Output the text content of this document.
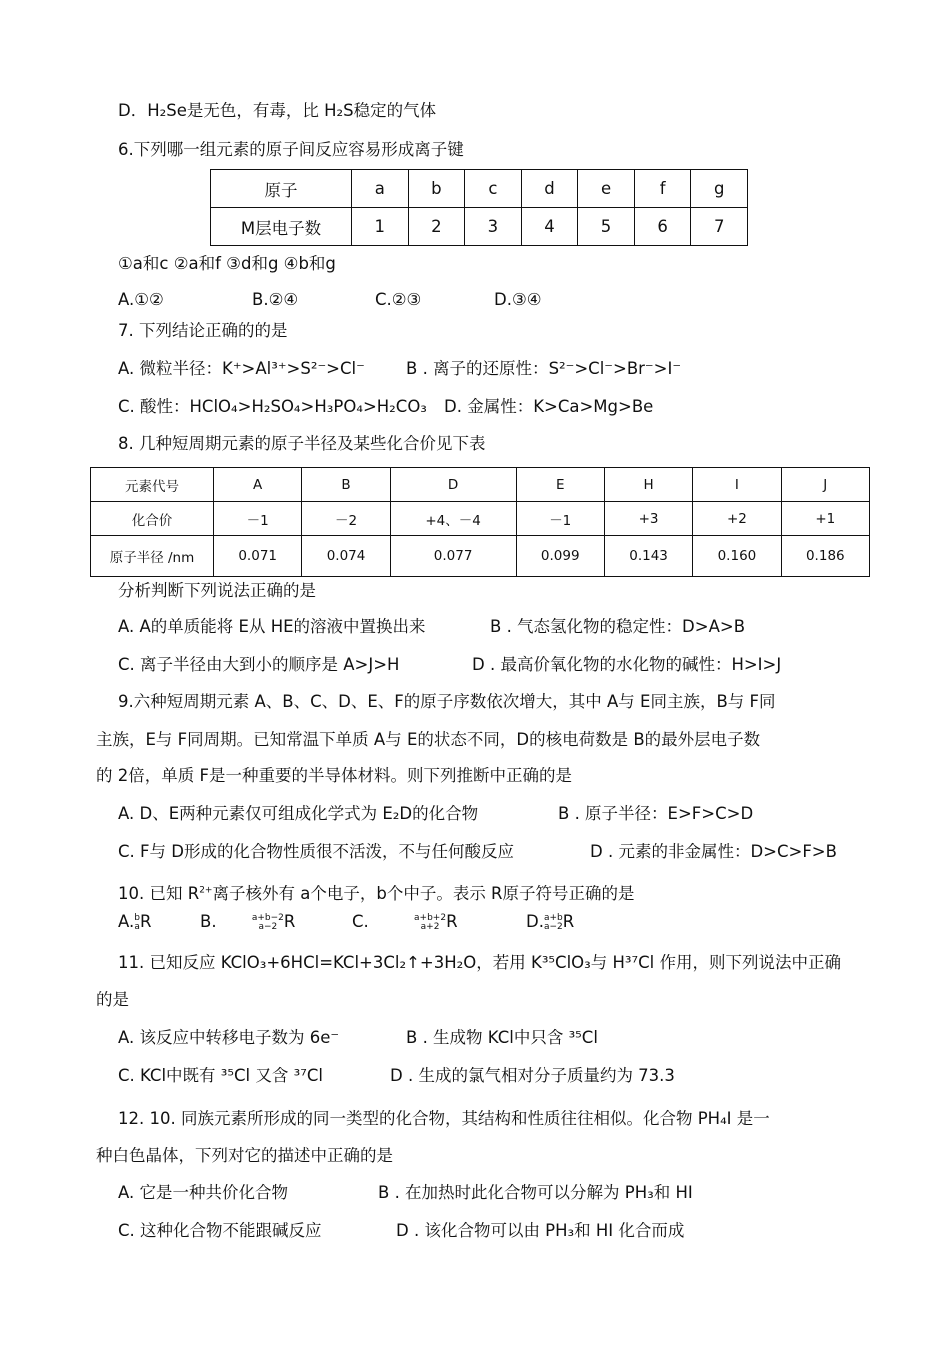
D．H₂Se是无色，有毒，比 H₂S稳定的气体
6.下列哪一组元素的原子间反应容易形成离子键
原子	a	b	c	d	e	f	g
M层电子数	1	2	3	4	5	6	7
①a和c ②a和f ③d和g ④b和g
A.①②	B.②④	C.②③	D.③④
7. 下列结论正确的的是
A. 微粒半径：K⁺>Al³⁺>S²⁻>Cl⁻ B . 离子的还原性：S²⁻>Cl⁻>Br⁻>I⁻
C. 酸性：HClO₄>H₂SO₄>H₃PO₄>H₂CO₃ D. 金属性：K>Ca>Mg>Be
8. 几种短周期元素的原子半径及某些化合价见下表
元素代号	A	B	D	E	H	I	J
化合价	－1	－2	+4、－4	－1	+3	+2	+1
原子半径 /nm	0.071	0.074	0.077	0.099	0.143	0.160	0.186
分析判断下列说法正确的是
A. A的单质能将 E从 HE的溶液中置换出来	B . 气态氢化物的稳定性：D>A>B
C. 离子半径由大到小的顺序是 A>J>H	D . 最高价氧化物的水化物的碱性：H>I>J
9.六种短周期元素 A、B、C、D、E、F的原子序数依次增大，其中 A与 E同主族，B与 F同
主族，E与 F同周期。已知常温下单质 A与 E的状态不同，D的核电荷数是 B的最外层电子数
的 2倍，单质 F是一种重要的半导体材料。则下列推断中正确的是
A. D、E两种元素仅可组成化学式为 E₂D的化合物	B . 原子半径：E>F>C>D
C. F与 D形成的化合物性质很不活泼，不与任何酸反应	D . 元素的非金属性：D>C>F>B
10. 已知 $R^{2+}$离子核外有 a个电子，b个中子。表示 R原子符号正确的是
A. b
a R	B.	a+b−2
a−2 R	C.	a+b+2
a+2 R	D. a+b
a−2 R
11. 已知反应 KClO₃+6HCl=KCl+3Cl₂↑+3H₂O，若用 K³⁵ClO₃与 H³⁷Cl 作用，则下列说法中正确
的是
A. 该反应中转移电子数为 6e⁻	B . 生成物 KCl中只含 ³⁵Cl
C. KCl中既有 ³⁵Cl 又含 ³⁷Cl	D . 生成的氯气相对分子质量约为 73.3
12. 10. 同族元素所形成的同一类型的化合物，其结构和性质往往相似。化合物 PH₄I 是一
种白色晶体，下列对它的描述中正确的是
A. 它是一种共价化合物	B . 在加热时此化合物可以分解为 PH₃和 HI
C. 这种化合物不能跟碱反应	D . 该化合物可以由 PH₃和 HI 化合而成
